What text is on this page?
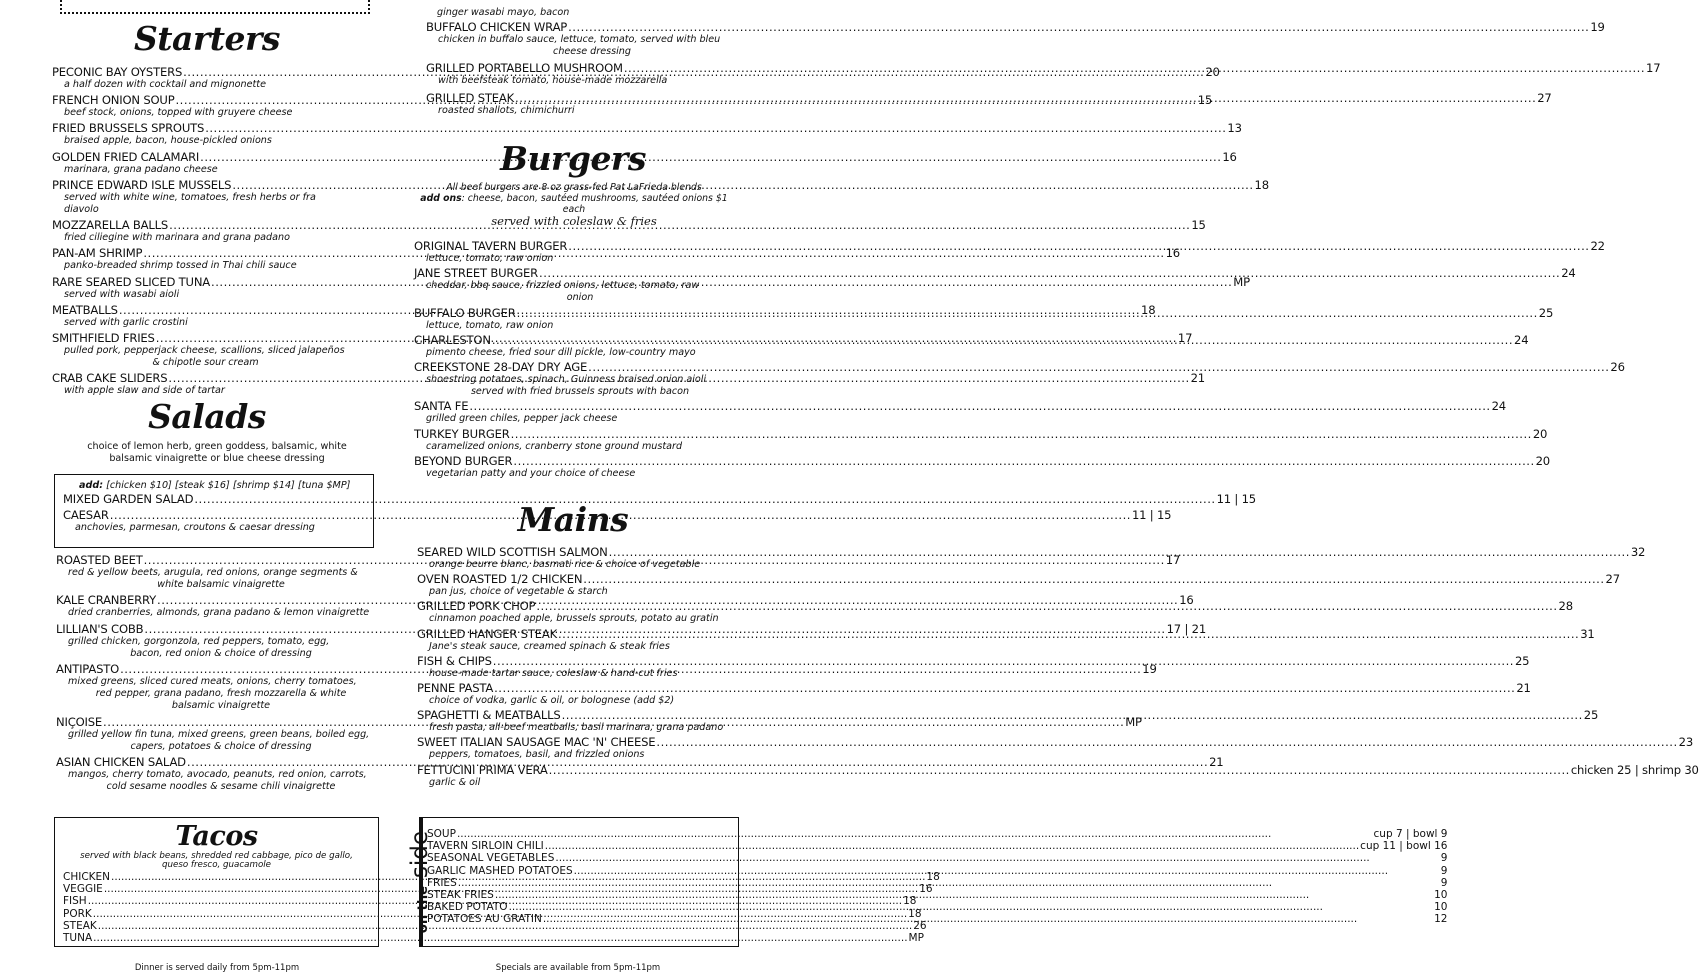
Starters
PECONIC BAY OYSTERS .....	20
a half dozen with cocktail and mignonette
FRENCH ONION SOUP .....	15
beef stock, onions, topped with gruyere cheese
FRIED BRUSSELS SPROUTS .....	13
braised apple, bacon, house-pickled onions
GOLDEN FRIED CALAMARI .....	16
marinara, grana padano cheese
PRINCE EDWARD ISLE MUSSELS .....	18
served with white wine, tomatoes, fresh herbs or fra diavolo
MOZZARELLA BALLS .....	15
fried ciliegine with marinara and grana padano
PAN-AM SHRIMP .....	16
panko-breaded shrimp tossed in Thai chili sauce
RARE SEARED SLICED TUNA .....	MP
served with wasabi aioli
MEATBALLS .....	18
served with garlic crostini
SMITHFIELD FRIES .....	17
pulled pork, pepperjack cheese, scallions, sliced jalapeños
& chipotle sour cream
CRAB CAKE SLIDERS .....	21
with apple slaw and side of tartar
Salads
choice of lemon herb, green goddess, balsamic, white
balsamic vinaigrette or blue cheese dressing
add: [chicken $10] [steak $16] [shrimp $14] [tuna $MP]
MIXED GARDEN SALAD .....	11 | 15
CAESAR .....	11 | 15
anchovies, parmesan, croutons & caesar dressing
ROASTED BEET .....	17
red & yellow beets, arugula, red onions, orange segments &
white balsamic vinaigrette
KALE CRANBERRY .....	16
dried cranberries, almonds, grana padano & lemon vinaigrette
LILLIAN'S COBB .....	17 | 21
grilled chicken, gorgonzola, red peppers, tomato, egg,
bacon, red onion & choice of dressing
ANTIPASTO .....	19
mixed greens, sliced cured meats, onions, cherry tomatoes,
red pepper, grana padano, fresh mozzarella & white
balsamic vinaigrette
NIÇOISE .....	MP
grilled yellow fin tuna, mixed greens, green beans, boiled egg,
capers, potatoes & choice of dressing
ASIAN CHICKEN SALAD .....	21
mangos, cherry tomato, avocado, peanuts, red onion, carrots,
cold sesame noodles & sesame chili vinaigrette
Tacos
served with black beans, shredded red cabbage, pico de gallo,
queso fresco, guacamole
CHICKEN .....	18
VEGGIE .....	16
FISH .....	18
PORK .....	18
STEAK .....	26
TUNA .....	MP
Dinner is served daily from 5pm-11pm
ginger wasabi mayo, bacon
BUFFALO CHICKEN WRAP .....	19
chicken in buffalo sauce, lettuce, tomato, served with bleu
cheese dressing
GRILLED PORTABELLO MUSHROOM .....	17
with beefsteak tomato, house-made mozzarella
GRILLED STEAK .....	27
roasted shallots, chimichurri
Burgers
All beef burgers are 8 oz grass-fed Pat LaFrieda blends
add ons: cheese, bacon, sautéed mushrooms, sautéed onions $1
each
served with coleslaw & fries
ORIGINAL TAVERN BURGER .....	22
lettuce, tomato, raw onion
JANE STREET BURGER .....	24
cheddar, bbq sauce, frizzled onions, lettuce, tomato, raw
onion
BUFFALO BURGER .....	25
lettuce, tomato, raw onion
CHARLESTON .....	24
pimento cheese, fried sour dill pickle, low-country mayo
CREEKSTONE 28-DAY DRY AGE .....	26
shoestring potatoes, spinach, Guinness braised onion aioli
served with fried brussels sprouts with bacon
SANTA FE .....	24
grilled green chiles, pepper jack cheese
TURKEY BURGER .....	20
caramelized onions, cranberry stone ground mustard
BEYOND BURGER .....	20
vegetarian patty and your choice of cheese
Mains
SEARED WILD SCOTTISH SALMON .....	32
orange beurre blanc, basmati rice & choice of vegetable
OVEN ROASTED 1/2 CHICKEN .....	27
pan jus, choice of vegetable & starch
GRILLED PORK CHOP .....	28
cinnamon poached apple, brussels sprouts, potato au gratin
GRILLED HANGER STEAK .....	31
Jane's steak sauce, creamed spinach & steak fries
FISH & CHIPS .....	25
house-made tartar sauce, coleslaw & hand-cut fries
PENNE PASTA .....	21
choice of vodka, garlic & oil, or bolognese (add $2)
SPAGHETTI & MEATBALLS .....	25
fresh pasta, all-beef meatballs, basil marinara, grana padano
SWEET ITALIAN SAUSAGE MAC 'N' CHEESE .....	23
peppers, tomatoes, basil, and frizzled onions
FETTUCINI PRIMA VERA .....	chicken 25 | shrimp 30
garlic & oil
on the
side
SOUP .....	cup 7 | bowl 9
TAVERN SIRLOIN CHILI .....	cup 11 | bowl 16
SEASONAL VEGETABLES .....	9
GARLIC MASHED POTATOES .....	9
FRIES .....	9
STEAK FRIES .....	10
BAKED POTATO .....	10
POTATOES AU GRATIN .....	12
Specials are available from 5pm-11pm
